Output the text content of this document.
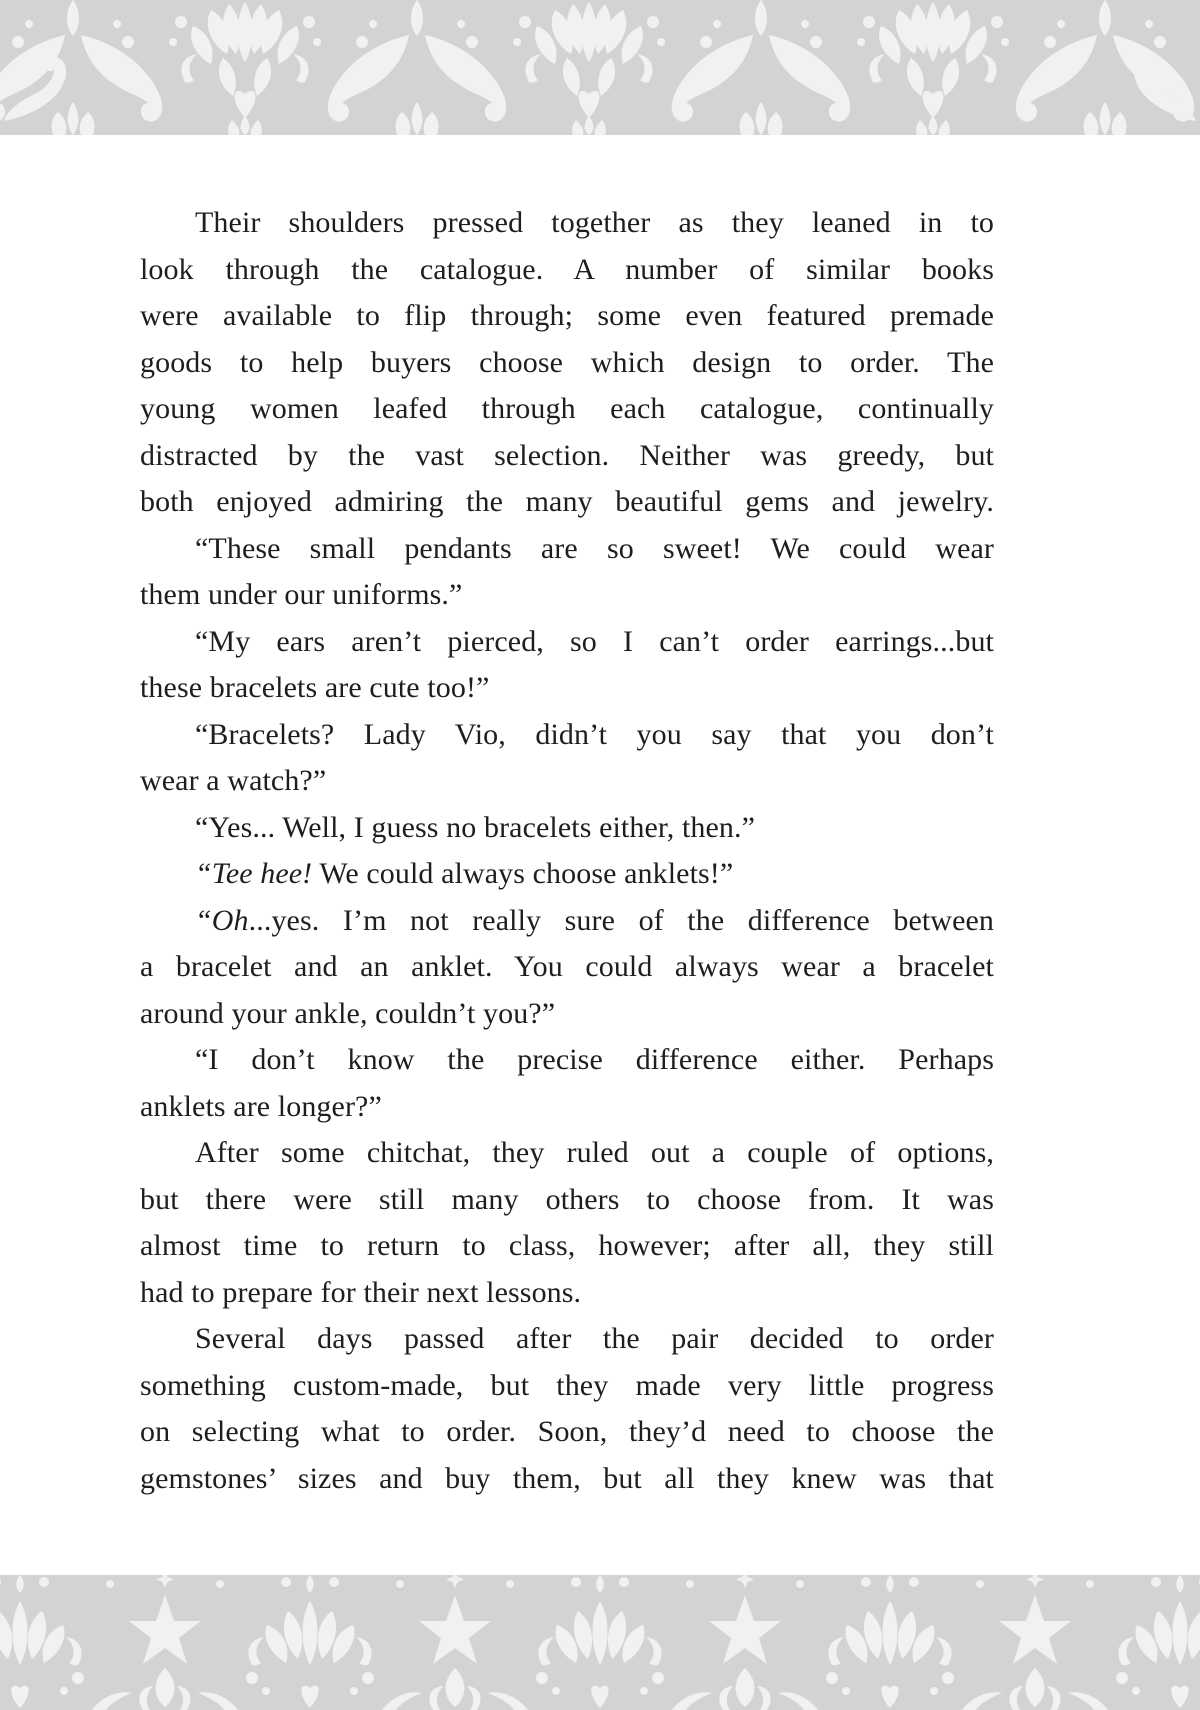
Their shoulders pressed together as they leaned in to
look through the catalogue. A number of similar books
were available to flip through; some even featured premade
goods to help buyers choose which design to order. The
young women leafed through each catalogue, continually
distracted by the vast selection. Neither was greedy, but
both enjoyed admiring the many beautiful gems and jewelry.
“These small pendants are so sweet! We could wear
them under our uniforms.”
“My ears aren’t pierced, so I can’t order earrings...but
these bracelets are cute too!”
“Bracelets? Lady Vio, didn’t you say that you don’t
wear a watch?”
“Yes... Well, I guess no bracelets either, then.”
“Tee hee! We could always choose anklets!”
“Oh...yes. I’m not really sure of the difference between
a bracelet and an anklet. You could always wear a bracelet
around your ankle, couldn’t you?”
“I don’t know the precise difference either. Perhaps
anklets are longer?”
After some chitchat, they ruled out a couple of options,
but there were still many others to choose from. It was
almost time to return to class, however; after all, they still
had to prepare for their next lessons.
Several days passed after the pair decided to order
something custom-made, but they made very little progress
on selecting what to order. Soon, they’d need to choose the
gemstones’ sizes and buy them, but all they knew was that
